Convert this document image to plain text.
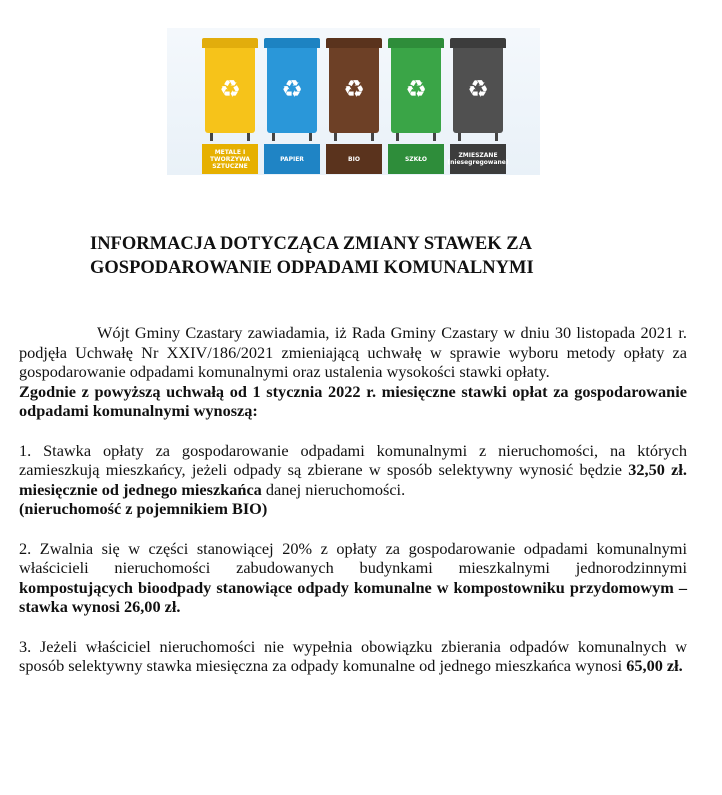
♻
METALE I TWORZYWA SZTUCZNE
♻
PAPIER
♻
BIO
♻
SZKŁO
♻
ZMIESZANE (niesegregowane)
INFORMACJA DOTYCZĄCA ZMIANY STAWEK ZA
GOSPODAROWANIE ODPADAMI KOMUNALNYMI

Wójt Gminy Czastary zawiadamia, iż Rada Gminy Czastary w dniu 30 listopada 2021 r. podjęła Uchwałę Nr XXIV/186/2021 zmieniającą uchwałę w sprawie wyboru metody opłaty za gospodarowanie odpadami komunalnymi oraz ustalenia wysokości stawki opłaty.

Zgodnie z powyższą uchwałą od 1 stycznia 2022 r. miesięczne stawki opłat za gospodarowanie odpadami komunalnymi wynoszą:

1. Stawka opłaty za gospodarowanie odpadami komunalnymi z nieruchomości, na których zamieszkują mieszkańcy, jeżeli odpady są zbierane w sposób selektywny wynosić będzie 32,50 zł. miesięcznie od jednego mieszkańca danej nieruchomości.
(nieruchomość z pojemnikiem BIO)

2. Zwalnia się w części stanowiącej 20% z opłaty za gospodarowanie odpadami komunalnymi właścicieli nieruchomości zabudowanych budynkami mieszkalnymi jednorodzinnymi kompostujących bioodpady stanowiące odpady komunalne w kompostowniku przydomowym – stawka wynosi 26,00 zł.

3. Jeżeli właściciel nieruchomości nie wypełnia obowiązku zbierania odpadów komunalnych w sposób selektywny stawka miesięczna za odpady komunalne od jednego mieszkańca wynosi 65,00 zł.
